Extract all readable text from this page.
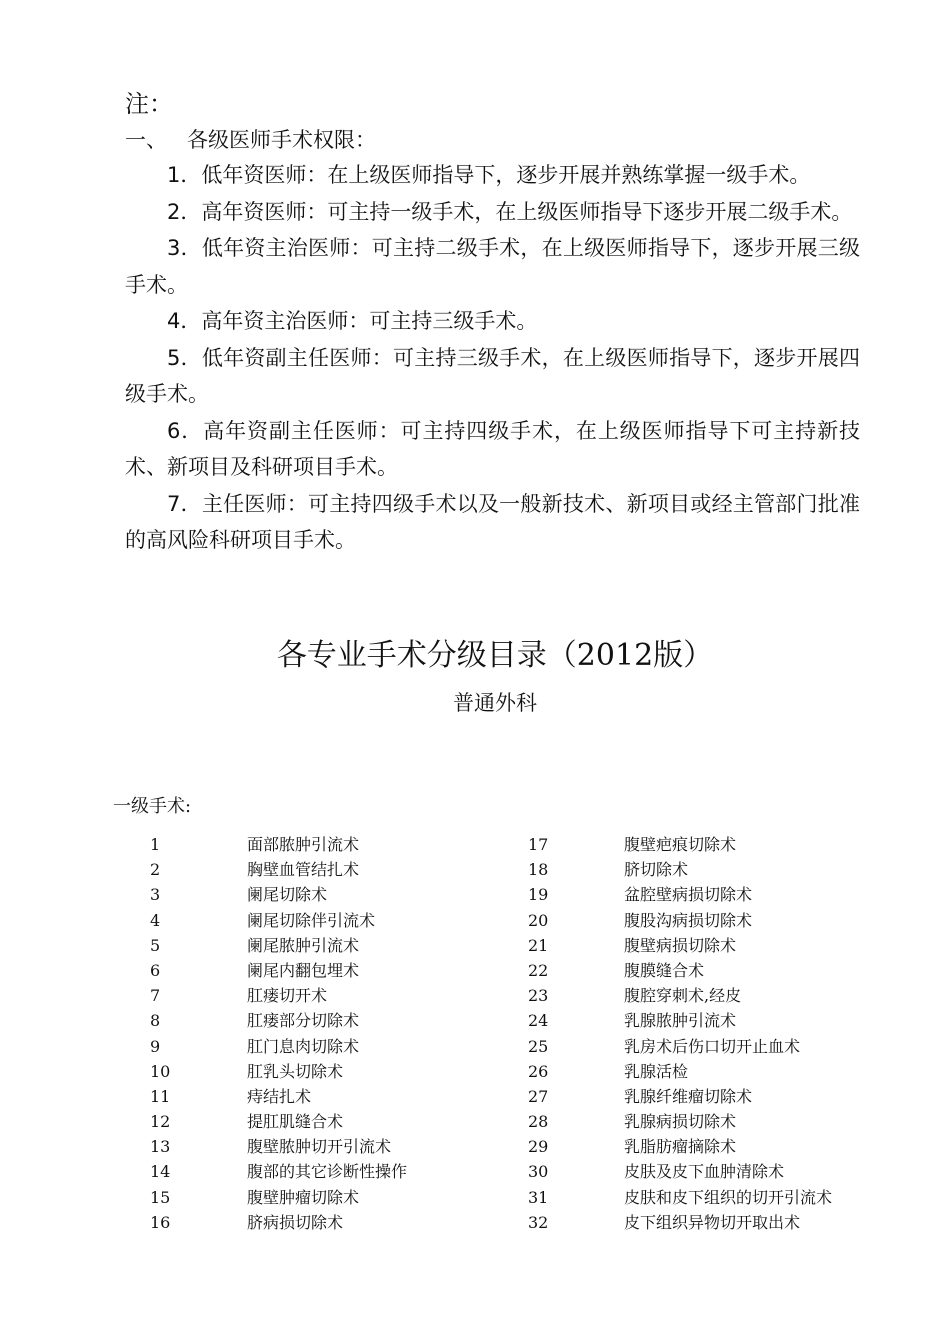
注：
一、 各级医师手术权限：

1．低年资医师：在上级医师指导下，逐步开展并熟练掌握一级手术。

2．高年资医师：可主持一级手术，在上级医师指导下逐步开展二级手术。

3．低年资主治医师：可主持二级手术，在上级医师指导下，逐步开展三级手术。

4．高年资主治医师：可主持三级手术。

5．低年资副主任医师：可主持三级手术，在上级医师指导下，逐步开展四级手术。

6．高年资副主任医师：可主持四级手术，在上级医师指导下可主持新技术、新项目及科研项目手术。

7．主任医师：可主持四级手术以及一般新技术、新项目或经主管部门批准的高风险科研项目手术。

各专业手术分级目录（2012版）
普通外科
一级手术:
1	面部脓肿引流术
2	胸壁血管结扎术
3	阑尾切除术
4	阑尾切除伴引流术
5	阑尾脓肿引流术
6	阑尾内翻包埋术
7	肛瘘切开术
8	肛瘘部分切除术
9	肛门息肉切除术
10	肛乳头切除术
11	痔结扎术
12	提肛肌缝合术
13	腹壁脓肿切开引流术
14	腹部的其它诊断性操作
15	腹壁肿瘤切除术
16	脐病损切除术
17	腹壁疤痕切除术
18	脐切除术
19	盆腔壁病损切除术
20	腹股沟病损切除术
21	腹壁病损切除术
22	腹膜缝合术
23	腹腔穿刺术,经皮
24	乳腺脓肿引流术
25	乳房术后伤口切开止血术
26	乳腺活检
27	乳腺纤维瘤切除术
28	乳腺病损切除术
29	乳脂肪瘤摘除术
30	皮肤及皮下血肿清除术
31	皮肤和皮下组织的切开引流术
32	皮下组织异物切开取出术
